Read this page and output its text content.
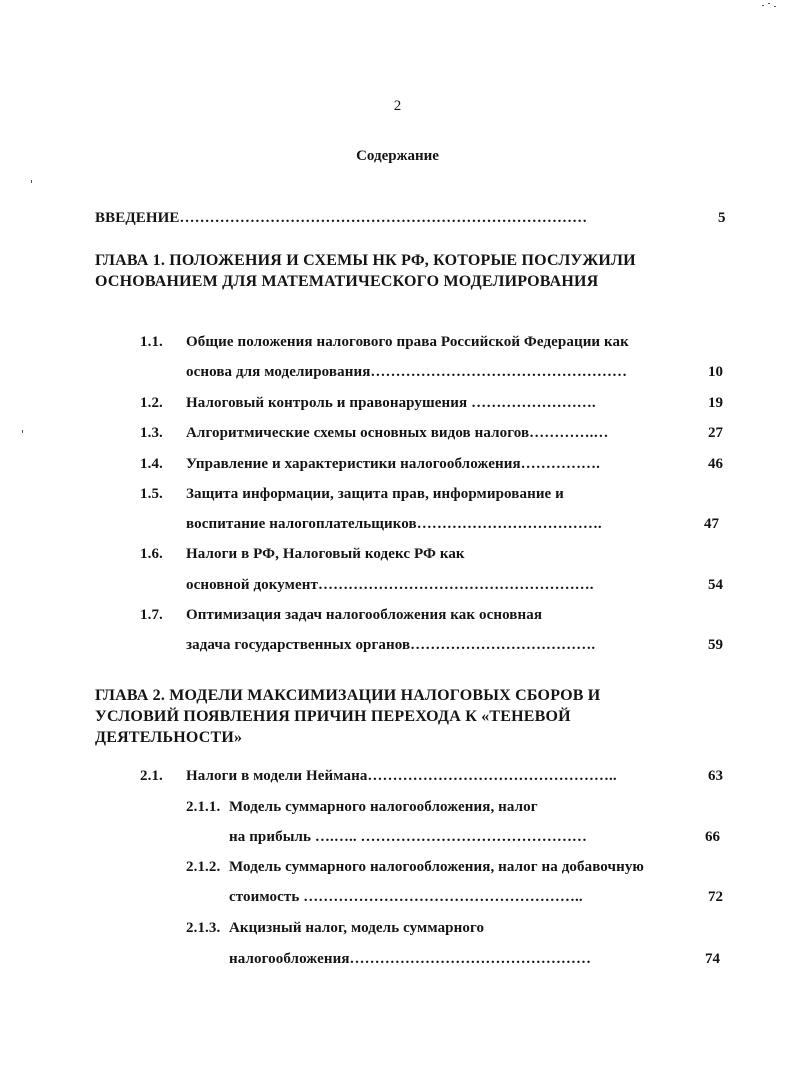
2
Содержание
ВВЕДЕНИЕ………………………………………………………………………	5
ГЛАВА 1. ПОЛОЖЕНИЯ И СХЕМЫ НК РФ, КОТОРЫЕ ПОСЛУЖИЛИ
ОСНОВАНИЕМ ДЛЯ МАТЕМАТИЧЕСКОГО МОДЕЛИРОВАНИЯ
1.1. Общие положения налогового права Российской Федерации как
основа для моделирования……………………………………………	10
1.2. Налоговый контроль и правонарушения …………………….	19
1.3. Алгоритмические схемы основных видов налогов………….…	27
1.4. Управление и характеристики налогообложения…………….	46
1.5. Защита информации, защита прав, информирование и
воспитание налогоплательщиков……………………………….	47
1.6. Налоги в РФ, Налоговый кодекс РФ как
основной документ……………………………………………….	54
1.7. Оптимизация задач налогообложения как основная
задача государственных органов……………………………….	59
ГЛАВА 2. МОДЕЛИ МАКСИМИЗАЦИИ НАЛОГОВЫХ СБОРОВ И
УСЛОВИЙ ПОЯВЛЕНИЯ ПРИЧИН ПЕРЕХОДА К «ТЕНЕВОЙ
ДЕЯТЕЛЬНОСТИ»
2.1. Налоги в модели Неймана…………………………………………..	63
2.1.1. Модель суммарного налогообложения, налог
на прибыль ….….. ………………………………………	66
2.1.2. Модель суммарного налогообложения, налог на добавочную
стоимость ………………………………………………..	72
2.1.3. Акцизный налог, модель суммарного
налогообложения…………………………………………	74
